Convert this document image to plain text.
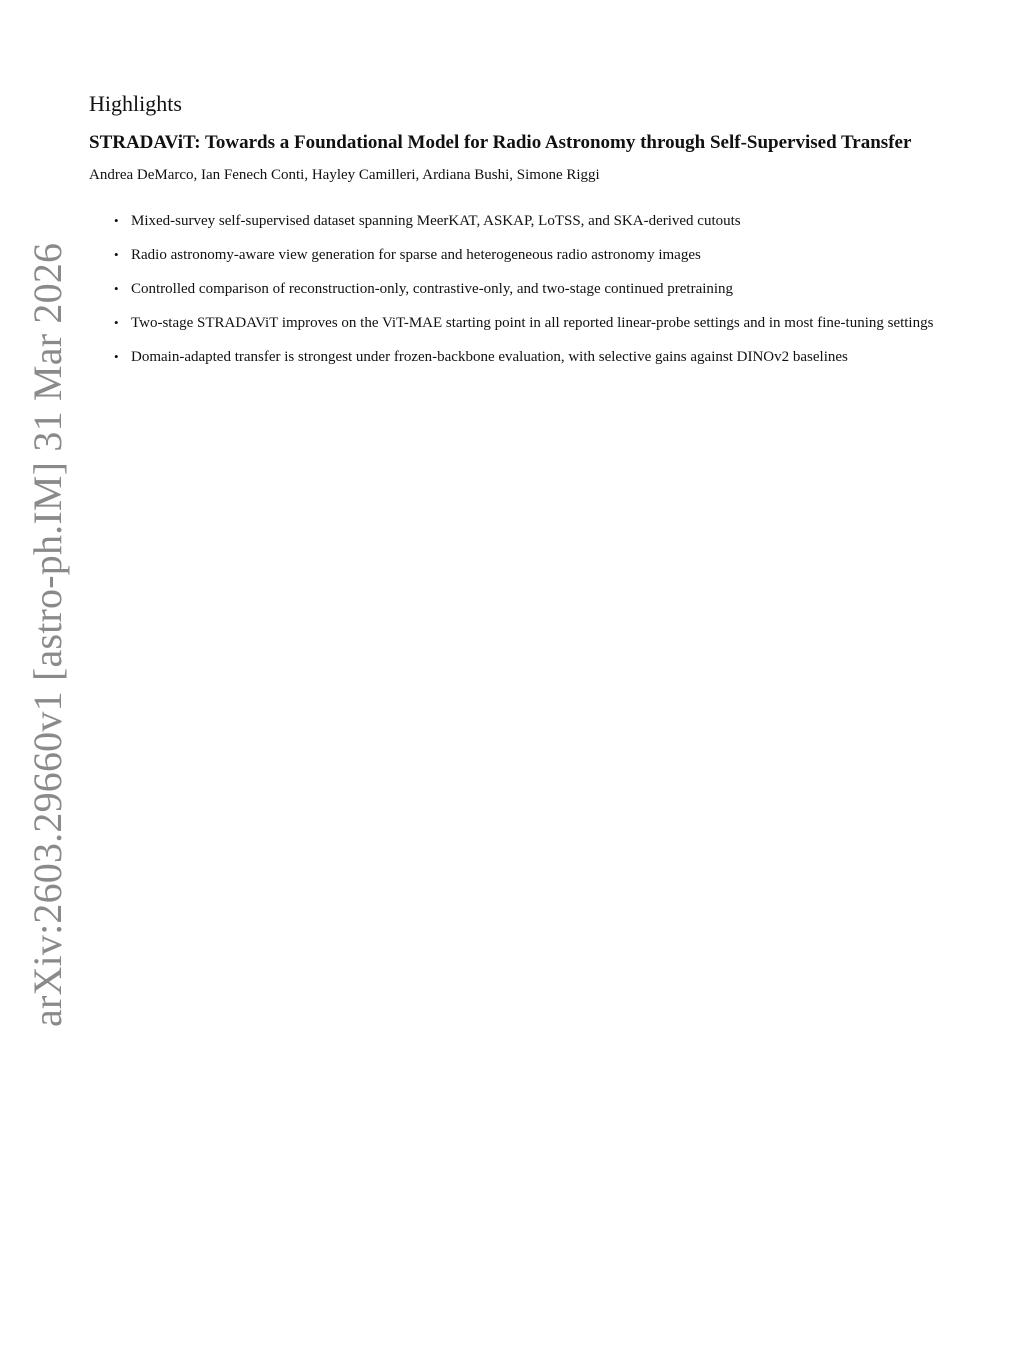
arXiv:2603.29660v1 [astro-ph.IM] 31 Mar 2026
Highlights
STRADAViT: Towards a Foundational Model for Radio Astronomy through Self-Supervised Transfer
Andrea DeMarco, Ian Fenech Conti, Hayley Camilleri, Ardiana Bushi, Simone Riggi
• Mixed-survey self-supervised dataset spanning MeerKAT, ASKAP, LoTSS, and SKA-derived cutouts
• Radio astronomy-aware view generation for sparse and heterogeneous radio astronomy images
• Controlled comparison of reconstruction-only, contrastive-only, and two-stage continued pretraining
• Two-stage STRADAViT improves on the ViT-MAE starting point in all reported linear-probe settings and in most fine-tuning settings
• Domain-adapted transfer is strongest under frozen-backbone evaluation, with selective gains against DINOv2 baselines
